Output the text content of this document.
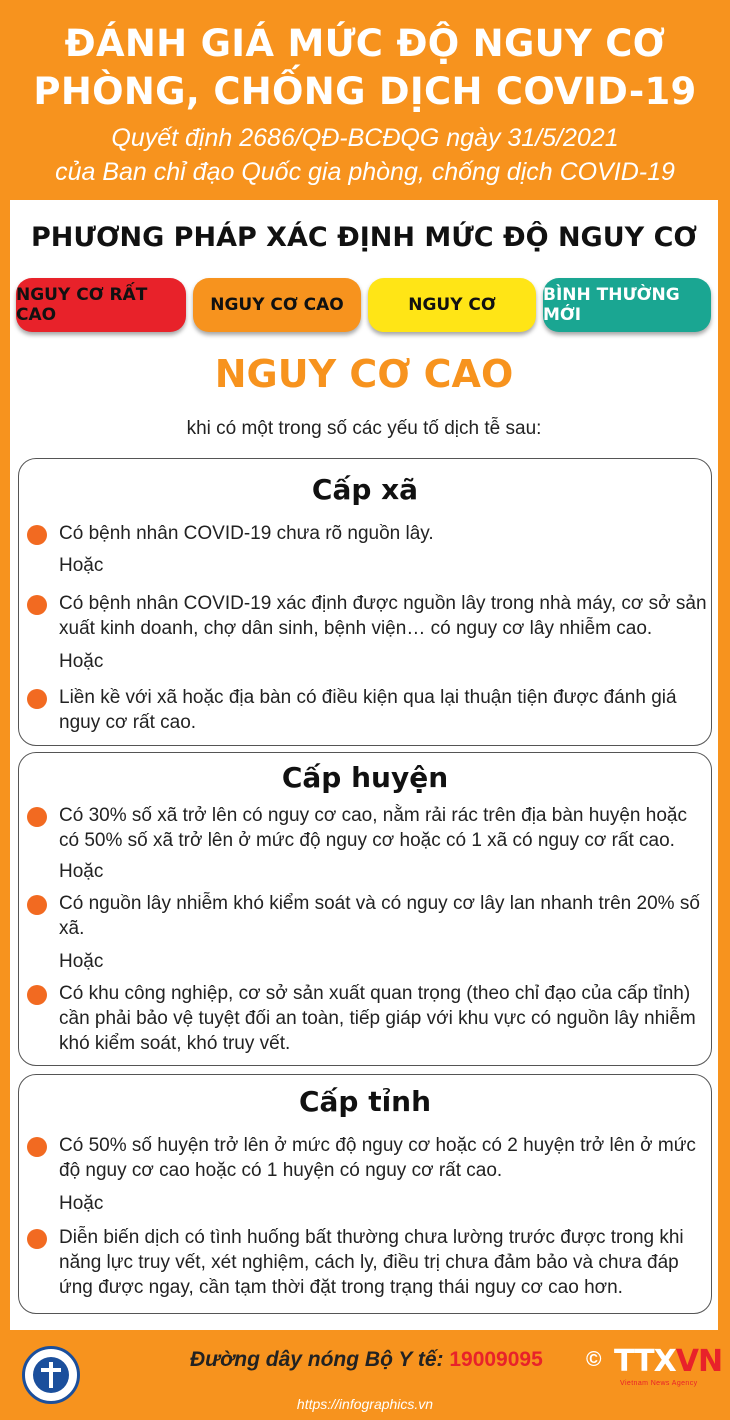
ĐÁNH GIÁ MỨC ĐỘ NGUY CƠ
PHÒNG, CHỐNG DỊCH COVID-19
Quyết định 2686/QĐ-BCĐQG ngày 31/5/2021
của Ban chỉ đạo Quốc gia phòng, chống dịch COVID-19
PHƯƠNG PHÁP XÁC ĐỊNH MỨC ĐỘ NGUY CƠ
NGUY CƠ RẤT CAO	NGUY CƠ CAO	NGUY CƠ	BÌNH THƯỜNG MỚI
NGUY CƠ CAO
khi có một trong số các yếu tố dịch tễ sau:
Cấp xã
Có bệnh nhân COVID-19 chưa rõ nguồn lây.
Hoặc
Có bệnh nhân COVID-19 xác định được nguồn lây trong nhà máy, cơ sở sản xuất kinh doanh, chợ dân sinh, bệnh viện… có nguy cơ lây nhiễm cao.
Hoặc
Liền kề với xã hoặc địa bàn có điều kiện qua lại thuận tiện được đánh giá nguy cơ rất cao.
Cấp huyện
Có 30% số xã trở lên có nguy cơ cao, nằm rải rác trên địa bàn huyện hoặc có 50% số xã trở lên ở mức độ nguy cơ hoặc có 1 xã có nguy cơ rất cao.
Hoặc
Có nguồn lây nhiễm khó kiểm soát và có nguy cơ lây lan nhanh trên 20% số xã.
Hoặc
Có khu công nghiệp, cơ sở sản xuất quan trọng (theo chỉ đạo của cấp tỉnh) cần phải bảo vệ tuyệt đối an toàn, tiếp giáp với khu vực có nguồn lây nhiễm khó kiểm soát, khó truy vết.
Cấp tỉnh
Có 50% số huyện trở lên ở mức độ nguy cơ hoặc có 2 huyện trở lên ở mức độ nguy cơ cao hoặc có 1 huyện có nguy cơ rất cao.
Hoặc
Diễn biến dịch có tình huống bất thường chưa lường trước được trong khi năng lực truy vết, xét nghiệm, cách ly, điều trị chưa đảm bảo và chưa đáp ứng được ngay, cần tạm thời đặt trong trạng thái nguy cơ cao hơn.
Đường dây nóng Bộ Y tế: 19009095 © TTXVN
Vietnam News Agency
https://infographics.vn
